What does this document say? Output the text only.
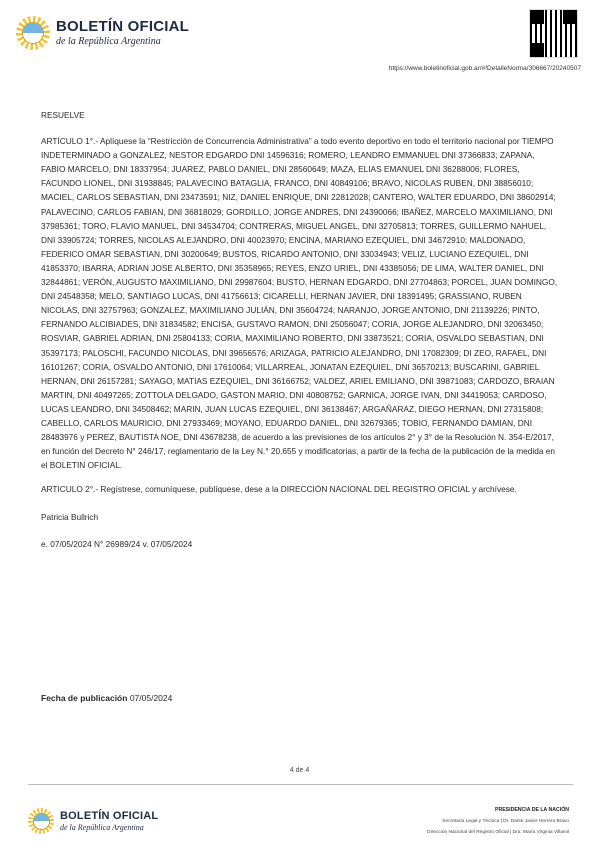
BOLETÍN OFICIAL
de la República Argentina
https://www.boletinoficial.gob.ar/#!DetalleNorma/306667/20240507

RESUELVE

ARTÍCULO 1°.- Aplíquese la “Restricción de Concurrencia Administrativa” a todo evento deportivo en todo el territorio nacional por TIEMPO INDETERMINADO a GONZALEZ, NESTOR EDGARDO DNI 14596316; ROMERO, LEANDRO EMMANUEL DNI 37366833; ZAPANA, FABIO MARCELO, DNI 18337954; JUAREZ, PABLO DANIEL, DNI 28560649; MAZA, ELIAS EMANUEL DNI 36288006; FLORES, FACUNDO LIONEL, DNI 31938845; PALAVECINO BATAGLIA, FRANCO, DNI 40849106; BRAVO, NICOLAS RUBEN, DNI 38856010; MACIEL, CARLOS SEBASTIAN, DNI 23473591; NIZ, DANIEL ENRIQUE, DNI 22812028; CANTERO, WALTER EDUARDO, DNI 38602914; PALAVECINO, CARLOS FABIAN, DNI 36818029; GORDILLO, JORGE ANDRES, DNI 24390066; IBAÑEZ, MARCELO MAXIMILIANO, DNI 37985361; TORO, FLAVIO MANUEL, DNI 34534704; CONTRERAS, MIGUEL ANGEL, DNI 32705813; TORRES, GUILLERMO NAHUEL, DNI 33905724; TORRES, NICOLAS ALEJANDRO, DNI 40023970; ENCINA, MARIANO EZEQUIEL, DNI 34672910; MALDONADO, FEDERICO OMAR SEBASTIAN, DNI 30200649; BUSTOS, RICARDO ANTONIO, DNI 33034943; VELIZ, LUCIANO EZEQUIEL, DNI 41853370; IBARRA, ADRIAN JOSE ALBERTO, DNI 35358965; REYES, ENZO URIEL, DNI 43385056; DE LIMA, WALTER DANIEL, DNI 32844861; VERÓN, AUGUSTO MAXIMILIANO, DNI 29987604; BUSTO, HERNAN EDGARDO, DNI 27704863; PORCEL, JUAN DOMINGO, DNI 24548358; MELO, SANTIAGO LUCAS, DNI 41756613; CICARELLI, HERNAN JAVIER, DNI 18391495; GRASSIANO, RUBEN NICOLAS, DNI 32757963; GONZALEZ, MAXIMILIANO JULIÁN, DNI 35604724; NARANJO, JORGE ANTONIO, DNI 21139226; PINTO, FERNANDO ALCIBIADES, DNI 31834582; ENCISA, GUSTAVO RAMON, DNI 25056047; CORIA, JORGE ALEJANDRO, DNI 32063450; ROSVIAR, GABRIEL ADRIAN, DNI 25804133; CORIA, MAXIMILIANO ROBERTO, DNI 33873521; CORIA, OSVALDO SEBASTIAN, DNI 35397173; PALOSCHI, FACUNDO NICOLAS, DNI 39656576; ARIZAGA, PATRICIO ALEJANDRO, DNI 17082309; DI ZEO, RAFAEL, DNI 16101267; CORIA, OSVALDO ANTONIO, DNI 17610064; VILLARREAL, JONATAN EZEQUIEL, DNI 36570213; BUSCARINI, GABRIEL HERNAN, DNI 26157281; SAYAGO, MATIAS EZEQUIEL, DNI 36166752; VALDEZ, ARIEL EMILIANO, DNI 39871083; CARDOZO, BRAIAN MARTIN, DNI 40497265; ZOTTOLA DELGADO, GASTON MARIO, DNI 40808752; GARNICA, JORGE IVAN, DNI 34419053; CARDOSO, LUCAS LEANDRO, DNI 34508462; MARIN, JUAN LUCAS EZEQUIEL, DNI 36138467; ARGAÑARAZ, DIEGO HERNAN, DNI 27315808; CABELLO, CARLOS MAURICIO, DNI 27933469; MOYANO, EDUARDO DANIEL, DNI 32679365; TOBIO, FERNANDO DAMIAN, DNI 28483976 y PEREZ, BAUTISTA NOE, DNI 43678238, de acuerdo a las previsiones de los artículos 2° y 3° de la Resolución N. 354-E/2017, en función del Decreto N° 246/17, reglamentario de la Ley N.° 20.655 y modificatorias, a partir de la fecha de la publicación de la medida en el BOLETIN OFICIAL.

ARTICULO 2°.- Regístrese, comuníquese, publíquese, dese a la DIRECCIÓN NACIONAL DEL REGISTRO OFICIAL y archívese.

Patricia Bullrich

e. 07/05/2024 N° 26989/24 v. 07/05/2024

Fecha de publicación 07/05/2024
4 de 4
BOLETÍN OFICIAL
de la República Argentina
PRESIDENCIA DE LA NACIÓN
Secretaría Legal y Técnica | Dr. Dante Javier Herrera Bravo
Dirección Nacional del Registro Oficial | Dra. María Virginia Villamil
